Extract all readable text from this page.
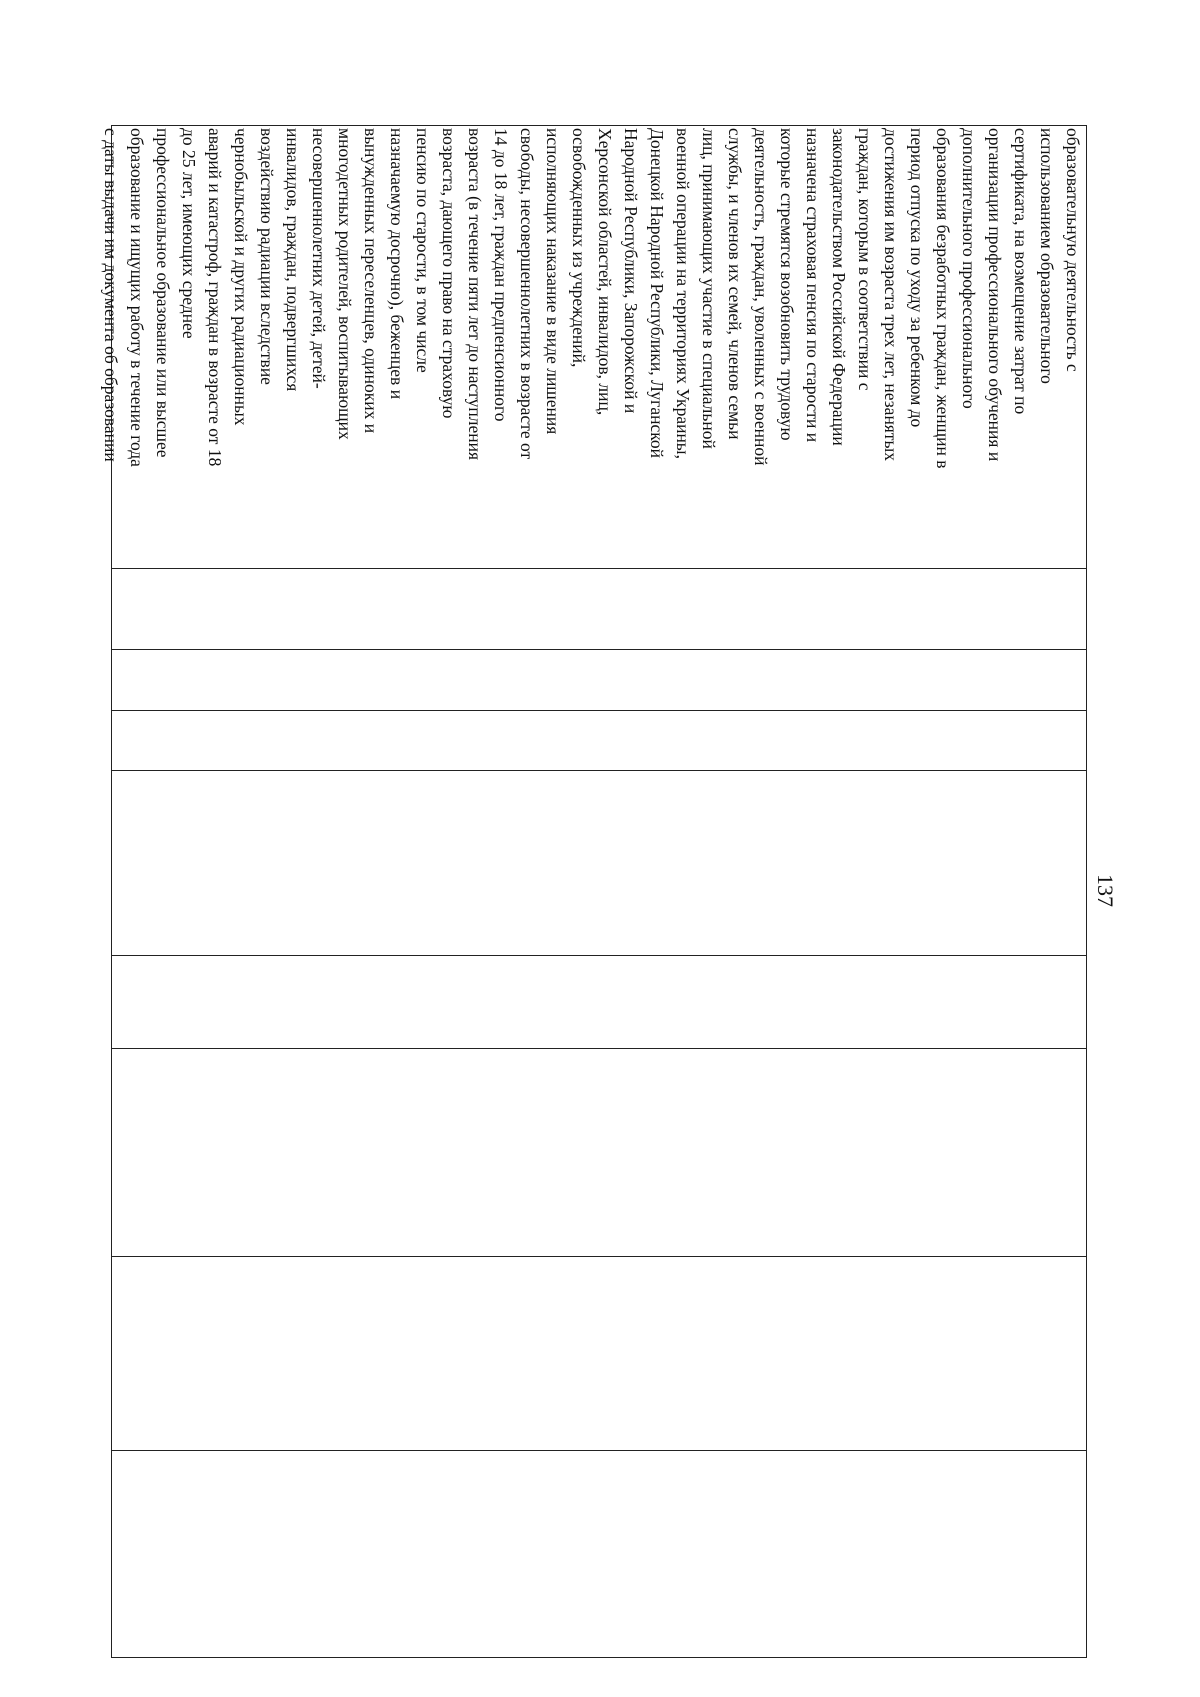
137
образовательную деятельность с
использованием образовательного
сертификата, на возмещение затрат по
организации профессионального обучения и
дополнительного профессионального
образования безработных граждан, женщин в
период отпуска по уходу за ребенком до
достижения им возраста трех лет, незанятых
граждан, которым в соответствии с
законодательством Российской Федерации
назначена страховая пенсия по старости и
которые стремятся возобновить трудовую
деятельность, граждан, уволенных с военной
службы, и членов их семей, членов семьи
лиц, принимающих участие в специальной
военной операции на территориях Украины,
Донецкой Народной Республики, Луганской
Народной Республики, Запорожской и
Херсонской областей, инвалидов, лиц,
освобожденных из учреждений,
исполняющих наказание в виде лишения
свободы, несовершеннолетних в возрасте от
14 до 18 лет, граждан предпенсионного
возраста (в течение пяти лет до наступления
возраста, дающего право на страховую
пенсию по старости, в том числе
назначаемую досрочно), беженцев и
вынужденных переселенцев, одиноких и
многодетных родителей, воспитывающих
несовершеннолетних детей, детей-
инвалидов, граждан, подвергшихся
воздействию радиации вследствие
чернобыльской и других радиационных
аварий и катастроф, граждан в возрасте от 18
до 25 лет, имеющих среднее
профессиональное образование или высшее
образование и ищущих работу в течение года
с даты выдачи им документа об образовании
